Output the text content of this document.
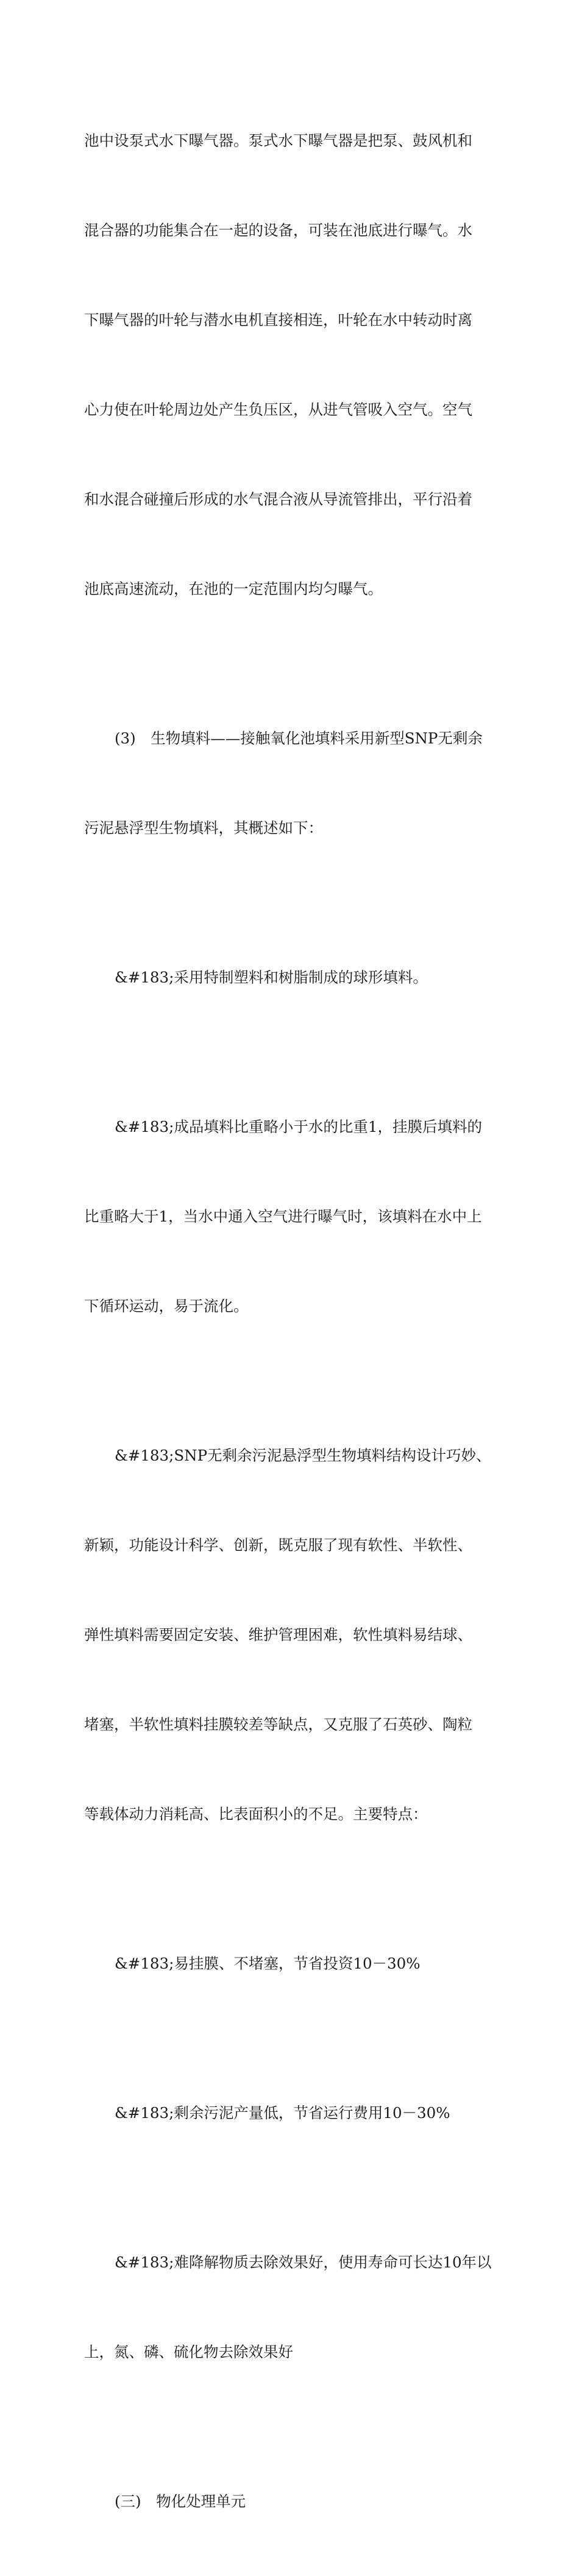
池中设泵式水下曝气器。泵式水下曝气器是把泵、鼓风机和

混合器的功能集合在一起的设备，可装在池底进行曝气。水

下曝气器的叶轮与潜水电机直接相连，叶轮在水中转动时离

心力使在叶轮周边处产生负压区，从进气管吸入空气。空气

和水混合碰撞后形成的水气混合液从导流管排出，平行沿着

池底高速流动，在池的一定范围内均匀曝气。

(3)　生物填料——接触氧化池填料采用新型SNP无剩余

污泥悬浮型生物填料，其概述如下：

&#183;采用特制塑料和树脂制成的球形填料。

&#183;成品填料比重略小于水的比重1，挂膜后填料的

比重略大于1，当水中通入空气进行曝气时，该填料在水中上

下循环运动，易于流化。

&#183;SNP无剩余污泥悬浮型生物填料结构设计巧妙、

新颖，功能设计科学、创新，既克服了现有软性、半软性、

弹性填料需要固定安装、维护管理困难，软性填料易结球、

堵塞，半软性填料挂膜较差等缺点，又克服了石英砂、陶粒

等载体动力消耗高、比表面积小的不足。主要特点：

&#183;易挂膜、不堵塞，节省投资10－30%

&#183;剩余污泥产量低，节省运行费用10－30%

&#183;难降解物质去除效果好，使用寿命可长达10年以

上，氮、磷、硫化物去除效果好

(三)　物化处理单元
